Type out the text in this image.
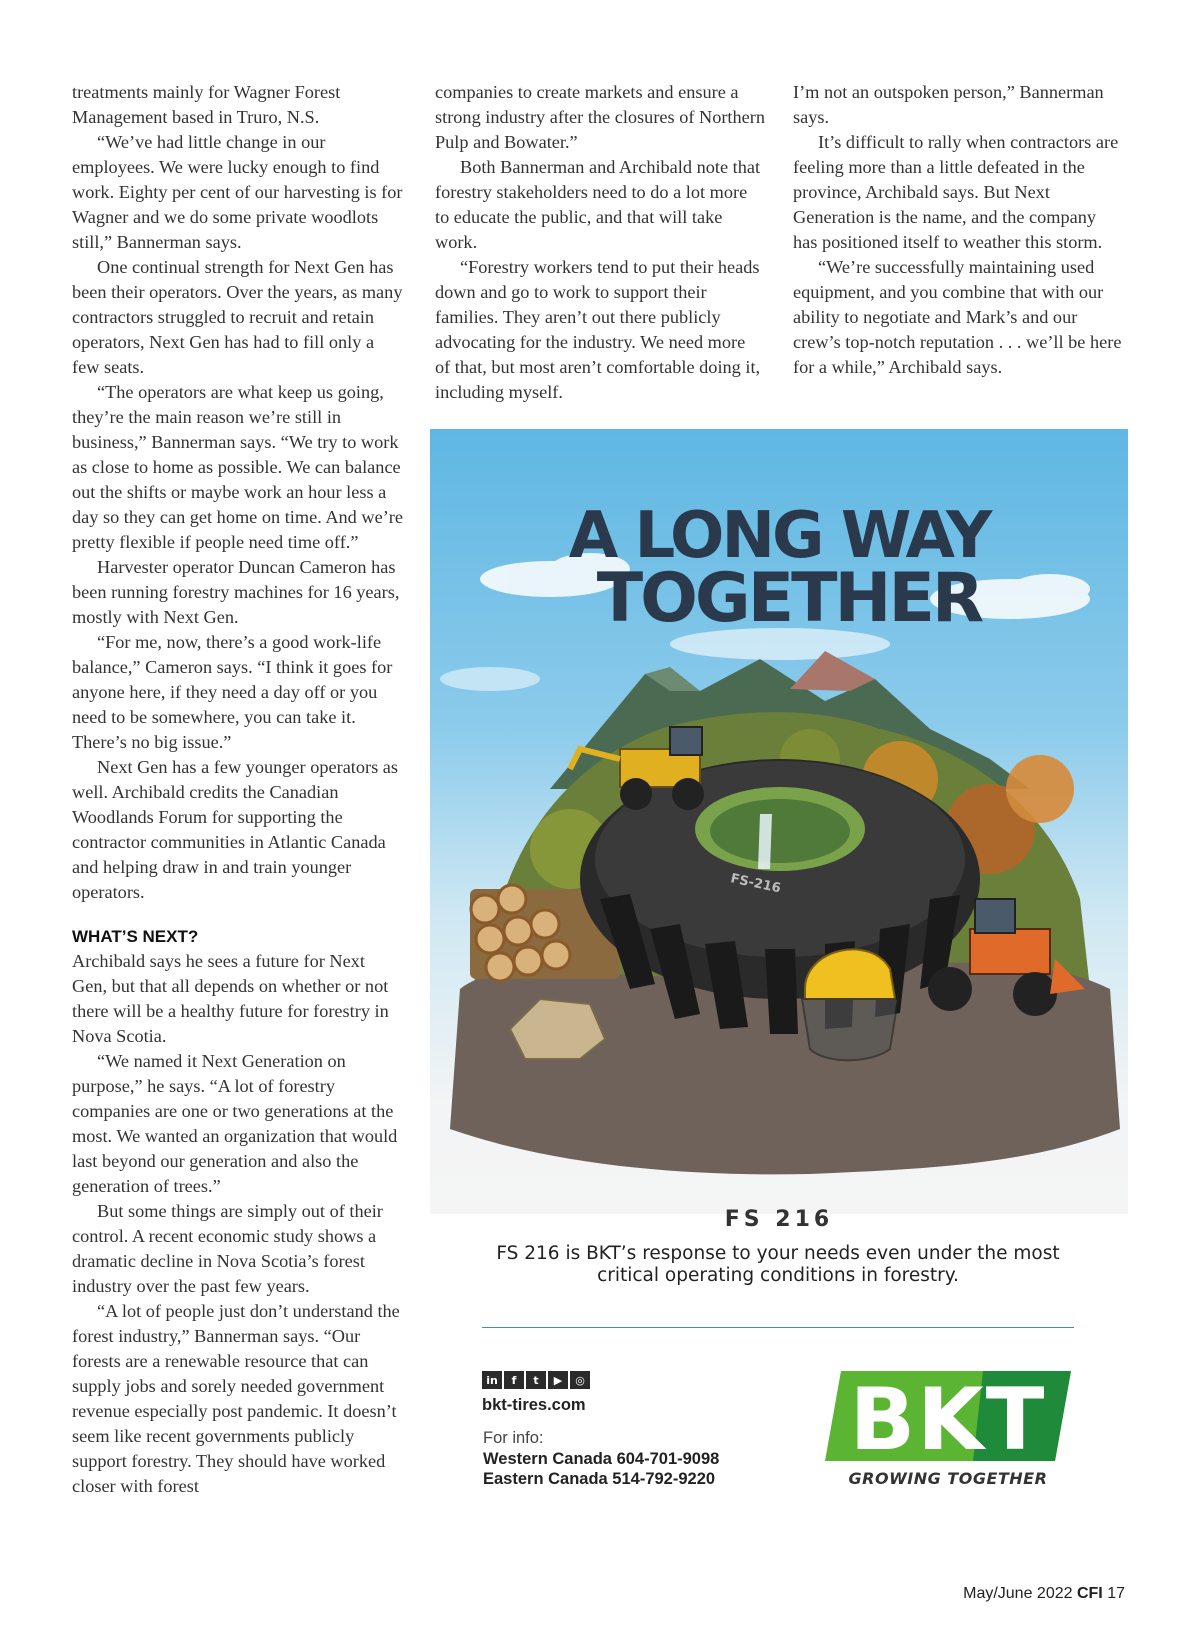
treatments mainly for Wagner Forest Management based in Truro, N.S.

“We’ve had little change in our employees. We were lucky enough to find work. Eighty per cent of our harvesting is for Wagner and we do some private woodlots still,” Bannerman says.

One continual strength for Next Gen has been their operators. Over the years, as many contractors struggled to recruit and retain operators, Next Gen has had to fill only a few seats.

“The operators are what keep us going, they’re the main reason we’re still in business,” Bannerman says. “We try to work as close to home as possible. We can balance out the shifts or maybe work an hour less a day so they can get home on time. And we’re pretty flexible if people need time off.”

Harvester operator Duncan Cameron has been running forestry machines for 16 years, mostly with Next Gen.

“For me, now, there’s a good work-life balance,” Cameron says. “I think it goes for anyone here, if they need a day off or you need to be somewhere, you can take it. There’s no big issue.”

Next Gen has a few younger operators as well. Archibald credits the Canadian Woodlands Forum for supporting the contractor communities in Atlantic Canada and helping draw in and train younger operators.

WHAT’S NEXT?

Archibald says he sees a future for Next Gen, but that all depends on whether or not there will be a healthy future for forestry in Nova Scotia.

“We named it Next Generation on purpose,” he says. “A lot of forestry companies are one or two generations at the most. We wanted an organization that would last beyond our generation and also the generation of trees.”

But some things are simply out of their control. A recent economic study shows a dramatic decline in Nova Scotia’s forest industry over the past few years.

“A lot of people just don’t understand the forest industry,” Bannerman says. “Our forests are a renewable resource that can supply jobs and sorely needed government revenue especially post pandemic. It doesn’t seem like recent governments publicly support forestry. They should have worked closer with forest

companies to create markets and ensure a strong industry after the closures of Northern Pulp and Bowater.”

Both Bannerman and Archibald note that forestry stakeholders need to do a lot more to educate the public, and that will take work.

“Forestry workers tend to put their heads down and go to work to support their families. They aren’t out there publicly advocating for the industry. We need more of that, but most aren’t comfortable doing it, including myself.

I’m not an outspoken person,” Bannerman says.

It’s difficult to rally when contractors are feeling more than a little defeated in the province, Archibald says. But Next Generation is the name, and the company has positioned itself to weather this storm.

“We’re successfully maintaining used equipment, and you combine that with our ability to negotiate and Mark’s and our crew’s top-notch reputation . . . we’ll be here for a while,” Archibald says.

FS-216
A LONG WAY
TOGETHER
FS 216
FS 216 is BKT’s response to your needs even under the most critical operating conditions in forestry.
in	f	t	▶	◎
bkt-tires.com
For info:
Western Canada 604-701-9098
Eastern Canada 514-792-9220
BKT
GROWING TOGETHER
May/June 2022 CFI 17
